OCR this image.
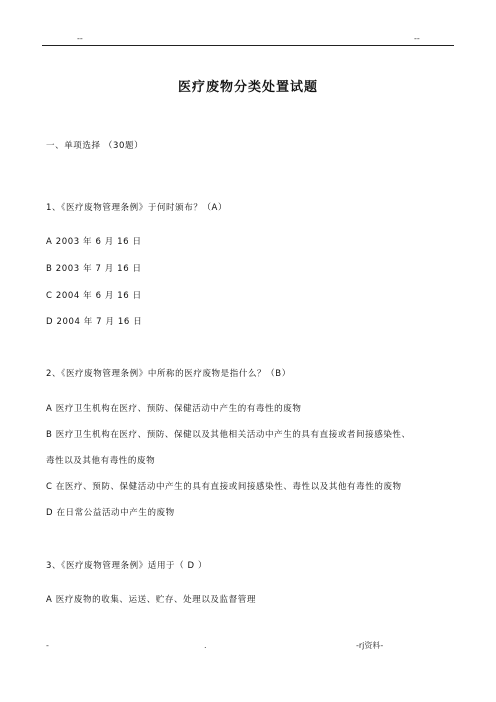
--	--
医疗废物分类处置试题
一、单项选择 （30题）
1、《医疗废物管理条例》于何时颁布？（A）
A 2003 年 6 月 16 日
B 2003 年 7 月 16 日
C 2004 年 6 月 16 日
D 2004 年 7 月 16 日
2、《医疗废物管理条例》中所称的医疗废物是指什么？（B）
A 医疗卫生机构在医疗、预防、保健活动中产生的有毒性的废物
B 医疗卫生机构在医疗、预防、保健以及其他相关活动中产生的具有直接或者间接感染性、
毒性以及其他有毒性的废物
C 在医疗、预防、保健活动中产生的具有直接或间接感染性、毒性以及其他有毒性的废物
D 在日常公益活动中产生的废物
3、《医疗废物管理条例》适用于（ D ）
A 医疗废物的收集、运送、贮存、处理以及监督管理
-	.	-rj资料-
